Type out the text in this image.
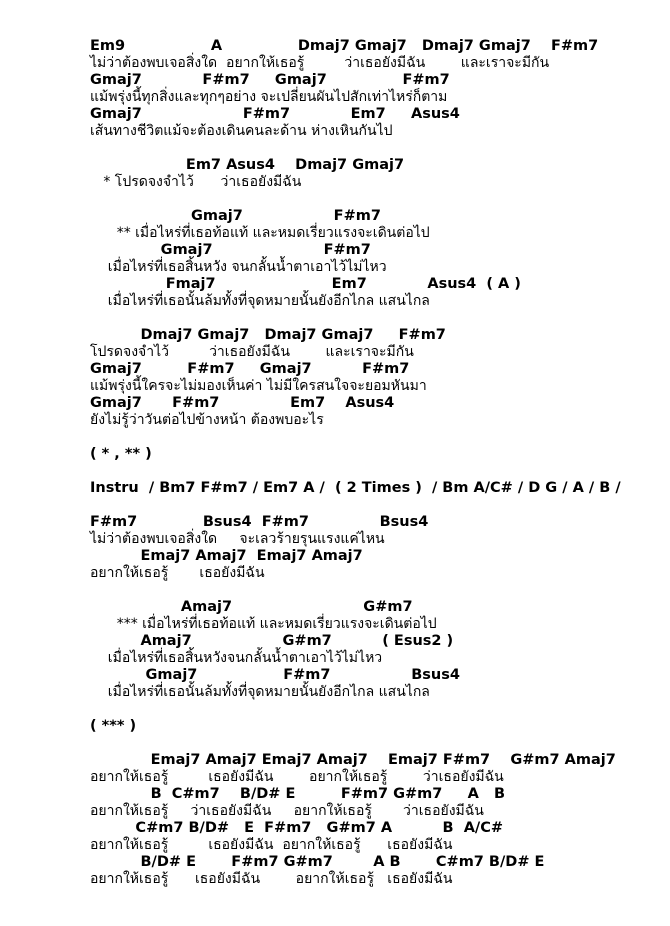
Em9                 A               Dmaj7 Gmaj7   Dmaj7 Gmaj7    F#m7
ไม่ว่าต้องพบเจอสิ่งใด  อยากให้เธอรู้         ว่าเธอยังมีฉัน        และเราจะมีกัน
Gmaj7            F#m7     Gmaj7               F#m7
แม้พรุ่งนี้ทุกสิ่งและทุกๆอย่าง จะเปลี่ยนผันไปสักเท่าไหร่ก็ตาม
Gmaj7                    F#m7            Em7     Asus4
เส้นทางชีวิตแม้จะต้องเดินคนละด้าน ห่างเหินกันไป
Em7 Asus4    Dmaj7 Gmaj7
* โปรดจงจำไว้      ว่าเธอยังมีฉัน
Gmaj7                  F#m7
** เมื่อไหร่ที่เธอท้อแท้ และหมดเรี่ยวแรงจะเดินต่อไป
Gmaj7                      F#m7
เมื่อไหร่ที่เธอสิ้นหวัง จนกลั้นน้ำตาเอาไว้ไม่ไหว
Fmaj7                       Em7            Asus4  ( A )
เมื่อไหร่ที่เธอนั้นล้มทั้งที่จุดหมายนั้นยังอีกไกล แสนไกล
Dmaj7 Gmaj7   Dmaj7 Gmaj7     F#m7
โปรดจงจำไว้         ว่าเธอยังมีฉัน        และเราจะมีกัน
Gmaj7         F#m7     Gmaj7          F#m7
แม้พรุ่งนี้ใครจะไม่มองเห็นค่า ไม่มีใครสนใจจะยอมหันมา
Gmaj7      F#m7              Em7    Asus4
ยังไม่รู้ว่าวันต่อไปข้างหน้า ต้องพบอะไร
( * , ** )
Instru  / Bm7 F#m7 / Em7 A /  ( 2 Times )  / Bm A/C# / D G / A / B /
F#m7             Bsus4  F#m7              Bsus4
ไม่ว่าต้องพบเจอสิ่งใด     จะเลวร้ายรุนแรงแค่ไหน
Emaj7 Amaj7  Emaj7 Amaj7
อยากให้เธอรู้       เธอยังมีฉัน
Amaj7                          G#m7
*** เมื่อไหร่ที่เธอท้อแท้ และหมดเรี่ยวแรงจะเดินต่อไป
Amaj7                  G#m7          ( Esus2 )
เมื่อไหร่ที่เธอสิ้นหวังจนกลั้นน้ำตาเอาไว้ไม่ไหว
Gmaj7                 F#m7                Bsus4
เมื่อไหร่ที่เธอนั้นล้มทั้งที่จุดหมายนั้นยังอีกไกล แสนไกล
( *** )
Emaj7 Amaj7 Emaj7 Amaj7    Emaj7 F#m7    G#m7 Amaj7
อยากให้เธอรู้         เธอยังมีฉัน        อยากให้เธอรู้        ว่าเธอยังมีฉัน
B  C#m7    B/D# E         F#m7 G#m7     A   B
อยากให้เธอรู้     ว่าเธอยังมีฉัน     อยากให้เธอรู้       ว่าเธอยังมีฉัน
C#m7 B/D#   E  F#m7   G#m7 A          B  A/C#
อยากให้เธอรู้         เธอยังมีฉัน  อยากให้เธอรู้      เธอยังมีฉัน
B/D# E       F#m7 G#m7        A B       C#m7 B/D# E
อยากให้เธอรู้      เธอยังมีฉัน        อยากให้เธอรู้   เธอยังมีฉัน
